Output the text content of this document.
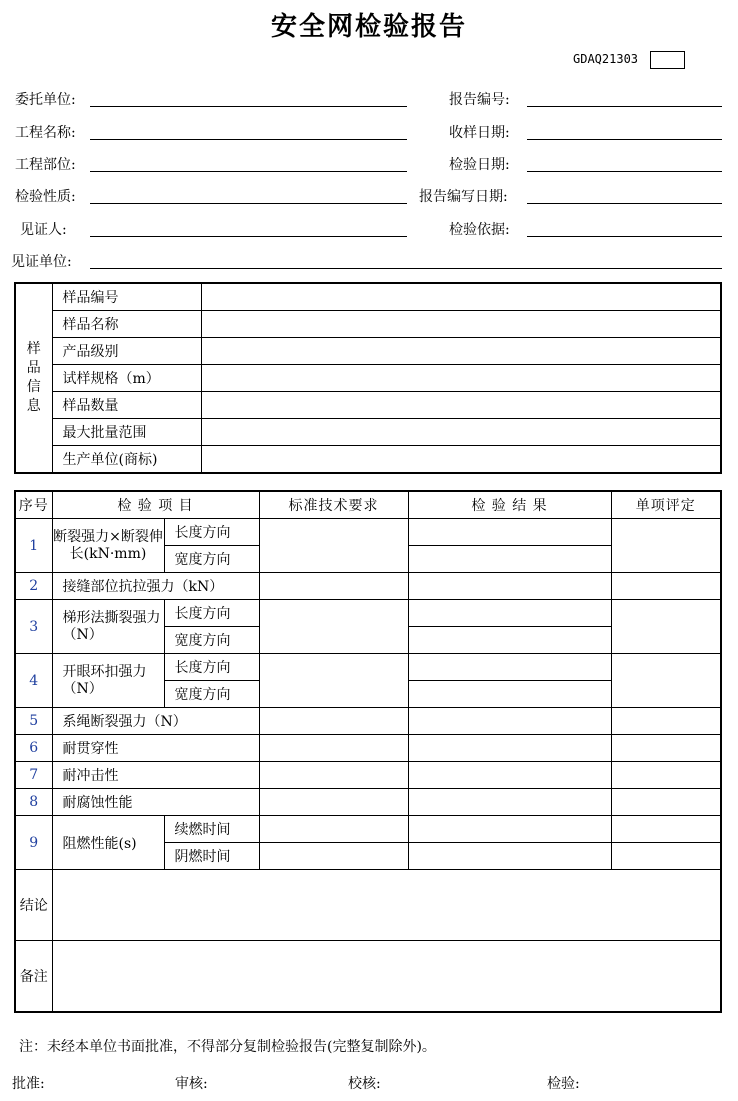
安全网检验报告
GDAQ21303
委托单位:	报告编号:
工程名称:	收样日期:
工程部位:	检验日期:
检验性质:	报告编写日期:
见证人:	检验依据:
见证单位:
样品信息	样品编号	
	样品名称	
	产品级别	
	试样规格（m）	
	样品数量	
	最大批量范围	
	生产单位(商标)	
序号	检 验 项 目		标准技术要求	检 验 结 果	单项评定
1	断裂强力×断裂伸长(kN·mm)	长度方向			
		宽度方向			
2	接缝部位抗拉强力（kN）				
3	梯形法撕裂强力（N）	长度方向			
		宽度方向			
4	开眼环扣强力（N）	长度方向			
		宽度方向			
5	系绳断裂强力（N）				
6	耐贯穿性				
7	耐冲击性				
8	耐腐蚀性能				
9	阻燃性能(s)	续燃时间			
		阴燃时间			
结论					
备注					
注：未经本单位书面批准，不得部分复制检验报告(完整复制除外)。
批准:	审核:	校核:	检验:
